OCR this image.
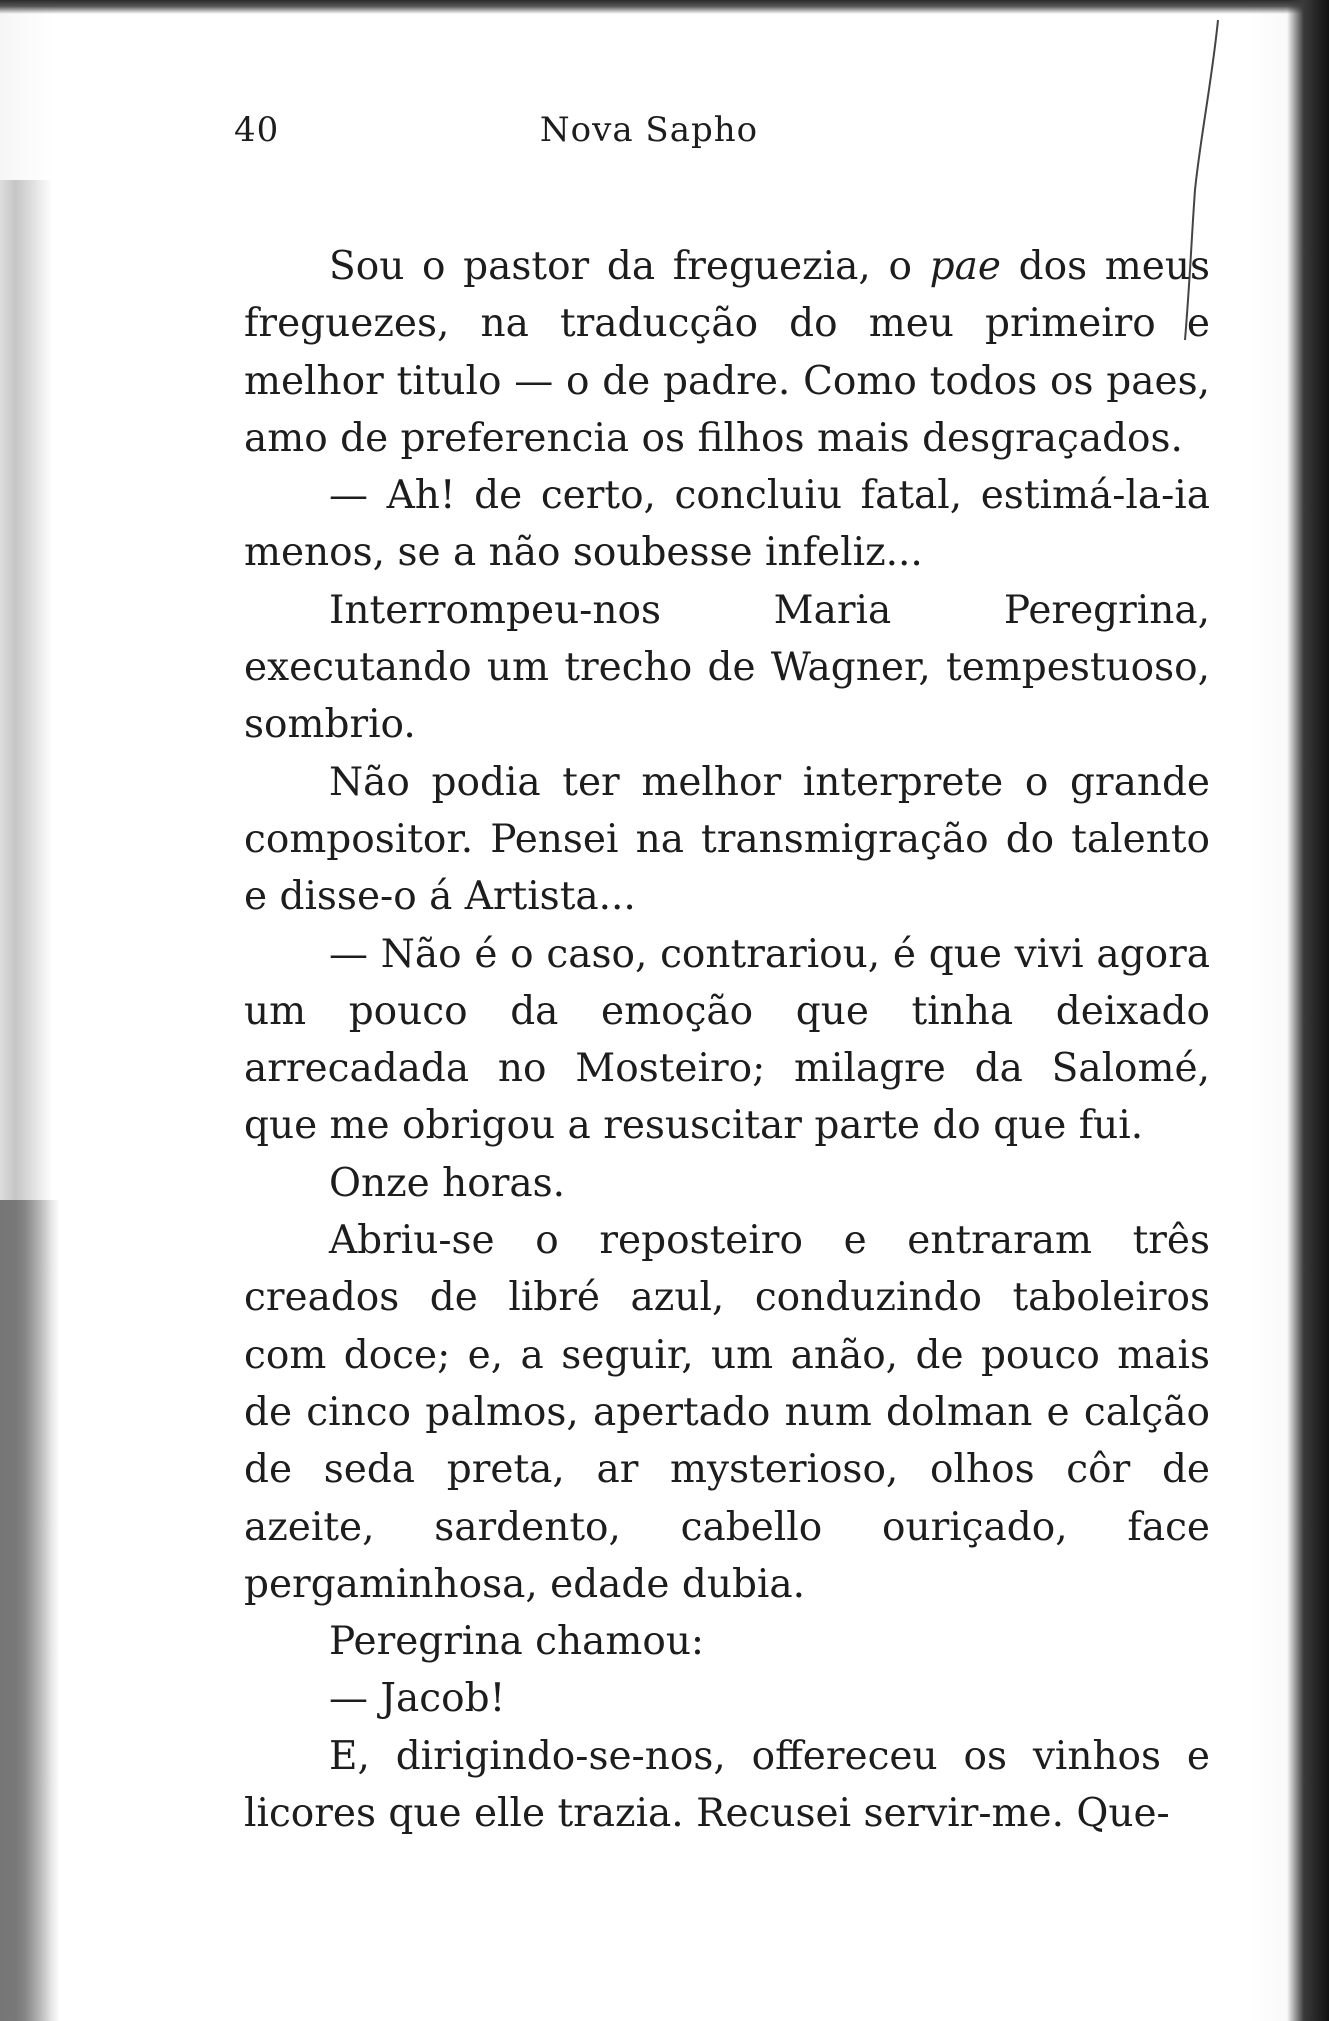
40	Nova Sapho

Sou o pastor da freguezia, o pae dos meus freguezes, na traducção do meu primeiro e melhor titulo — o de padre. Como todos os paes, amo de preferencia os filhos mais desgraçados.

— Ah! de certo, concluiu fatal, estimá-la-ia menos, se a não soubesse infeliz...

Interrompeu-nos Maria Peregrina, executando um trecho de Wagner, tempestuoso, sombrio.

Não podia ter melhor interprete o grande compositor. Pensei na transmigração do talento e disse-o á Artista...

— Não é o caso, contrariou, é que vivi agora um pouco da emoção que tinha deixado arrecadada no Mosteiro; milagre da Salomé, que me obrigou a resuscitar parte do que fui.

Onze horas.

Abriu-se o reposteiro e entraram três creados de libré azul, conduzindo taboleiros com doce; e, a seguir, um anão, de pouco mais de cinco palmos, apertado num dolman e calção de seda preta, ar mysterioso, olhos côr de azeite, sardento, cabello ouriçado, face pergaminhosa, edade dubia.

Peregrina chamou:

— Jacob!

E, dirigindo-se-nos, offereceu os vinhos e licores que elle trazia. Recusei servir-me. Que-
